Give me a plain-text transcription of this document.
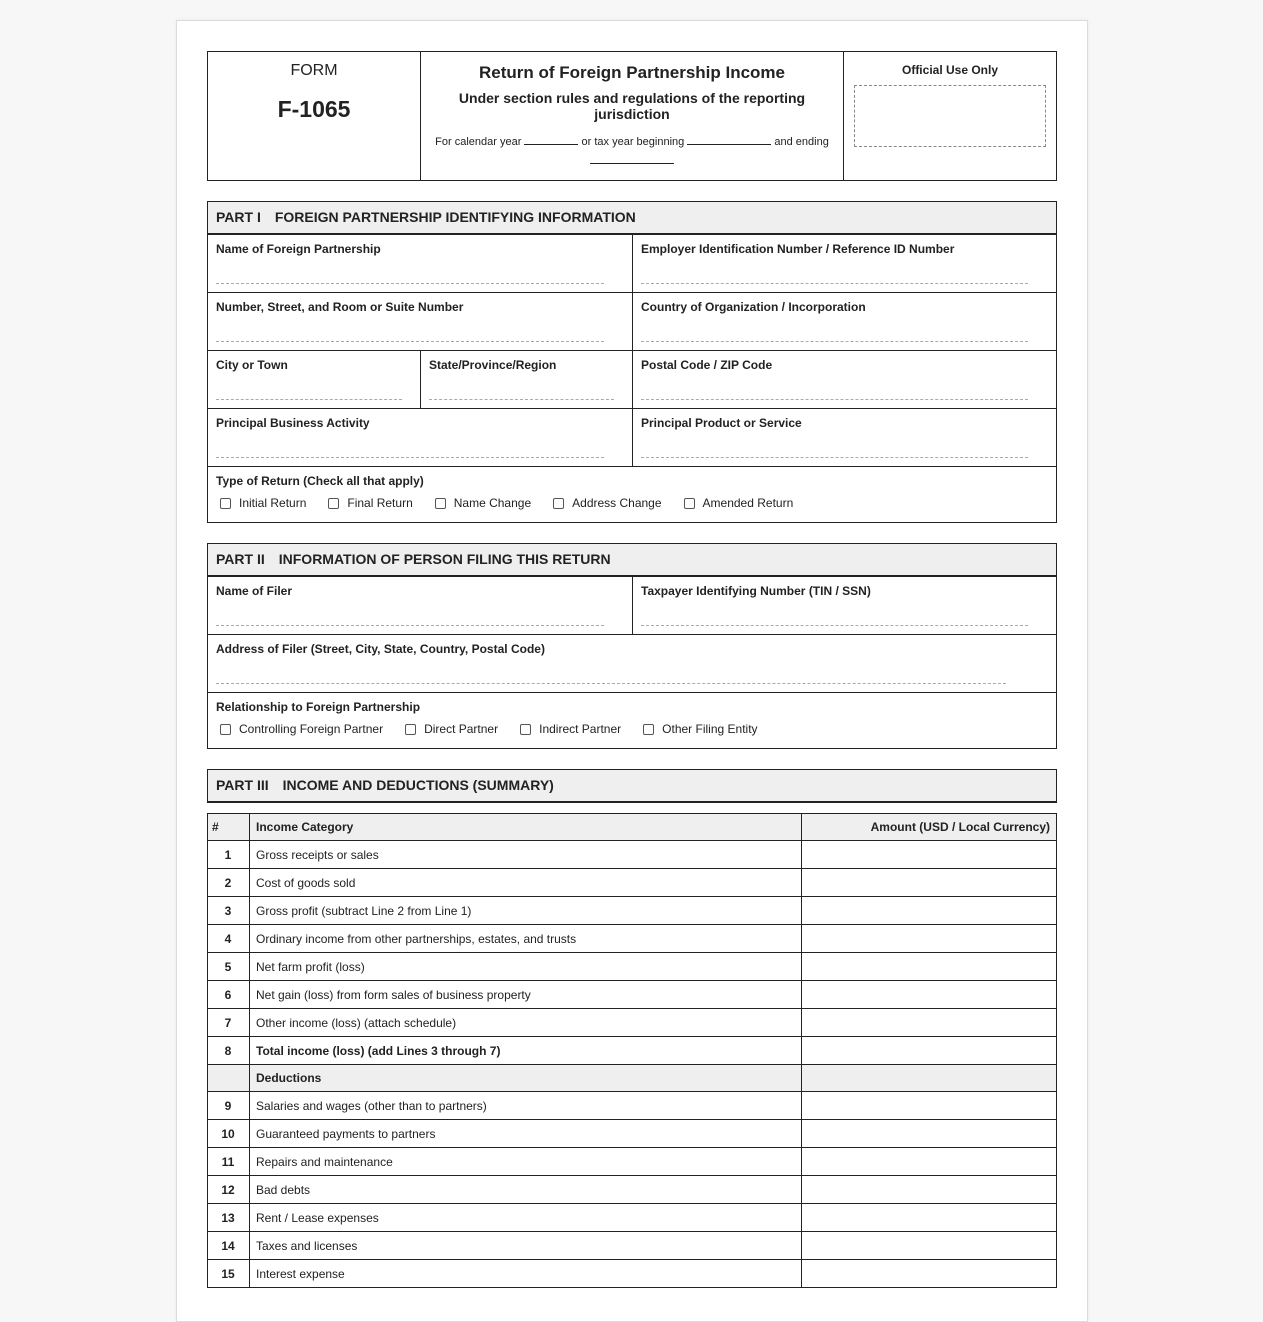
FORM
F-1065
Return of Foreign Partnership Income
Under section rules and regulations of the reporting jurisdiction
For calendar year	or tax year beginning	and ending

Official Use Only
PART I FOREIGN PARTNERSHIP IDENTIFYING INFORMATION
Name of Foreign Partnership	Employer Identification Number / Reference ID Number
Number, Street, and Room or Suite Number	Country of Organization / Incorporation
City or Town	State/Province/Region	Postal Code / ZIP Code
Principal Business Activity	Principal Product or Service
Type of Return (Check all that apply)
Initial Return	Final Return	Name Change	Address Change	Amended Return
PART II INFORMATION OF PERSON FILING THIS RETURN
Name of Filer	Taxpayer Identifying Number (TIN / SSN)
Address of Filer (Street, City, State, Country, Postal Code)
Relationship to Foreign Partnership
Controlling Foreign Partner	Direct Partner	Indirect Partner	Other Filing Entity
PART III INCOME AND DEDUCTIONS (SUMMARY)
#	Income Category	Amount (USD / Local Currency)
1	Gross receipts or sales	
2	Cost of goods sold	
3	Gross profit (subtract Line 2 from Line 1)	
4	Ordinary income from other partnerships, estates, and trusts	
5	Net farm profit (loss)	
6	Net gain (loss) from form sales of business property	
7	Other income (loss) (attach schedule)	
8	Total income (loss) (add Lines 3 through 7)	
	Deductions	
9	Salaries and wages (other than to partners)	
10	Guaranteed payments to partners	
11	Repairs and maintenance	
12	Bad debts	
13	Rent / Lease expenses	
14	Taxes and licenses	
15	Interest expense	
